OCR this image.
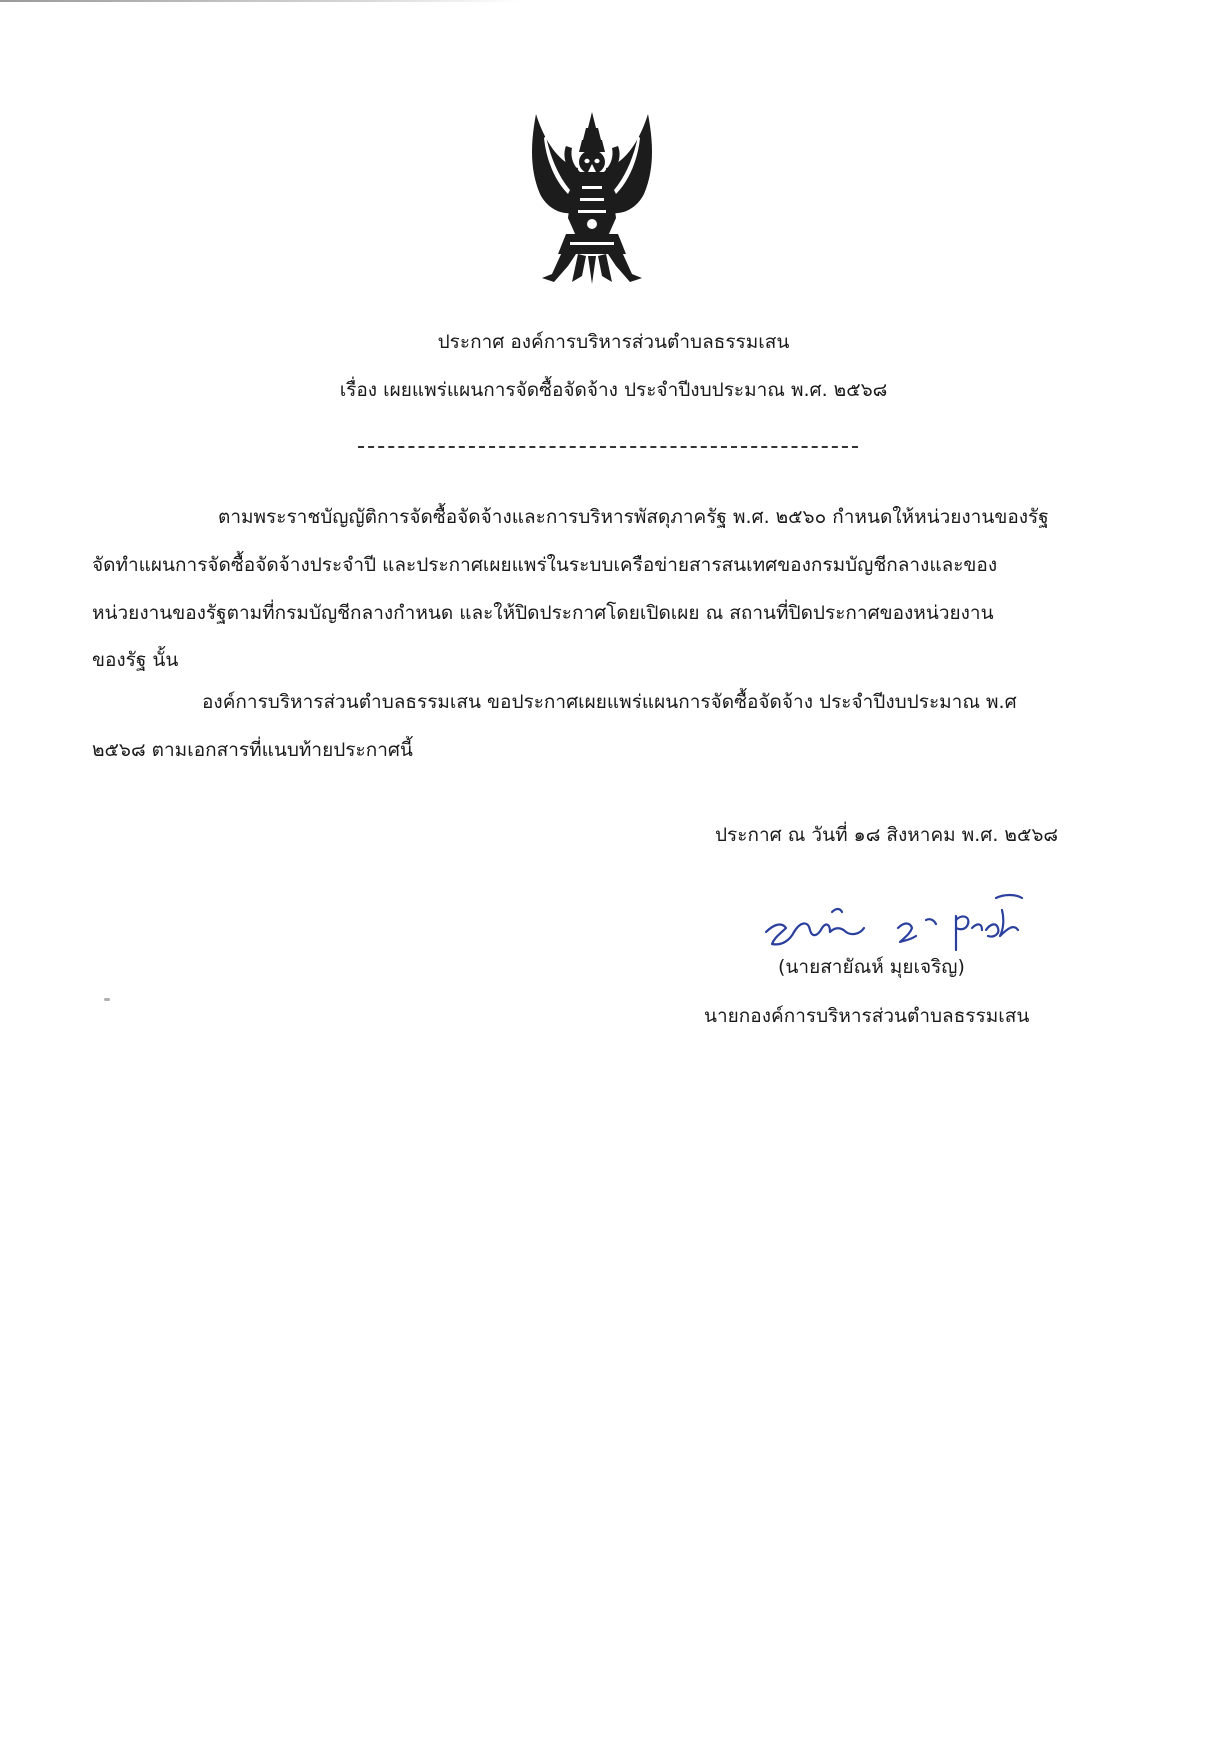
ประกาศ องค์การบริหารส่วนตำบลธรรมเสน
เรื่อง เผยแพร่แผนการจัดซื้อจัดจ้าง ประจำปีงบประมาณ พ.ศ. ๒๕๖๘
ตามพระราชบัญญัติการจัดซื้อจัดจ้างและการบริหารพัสดุภาครัฐ พ.ศ. ๒๕๖๐ กำหนดให้หน่วยงานของรัฐ
จัดทำแผนการจัดซื้อจัดจ้างประจำปี และประกาศเผยแพร่ในระบบเครือข่ายสารสนเทศของกรมบัญชีกลางและของ
หน่วยงานของรัฐตามที่กรมบัญชีกลางกำหนด และให้ปิดประกาศโดยเปิดเผย ณ สถานที่ปิดประกาศของหน่วยงาน
ของรัฐ นั้น
องค์การบริหารส่วนตำบลธรรมเสน ขอประกาศเผยแพร่แผนการจัดซื้อจัดจ้าง ประจำปีงบประมาณ พ.ศ
๒๕๖๘ ตามเอกสารที่แนบท้ายประกาศนี้
ประกาศ ณ วันที่ ๑๘ สิงหาคม พ.ศ. ๒๕๖๘
(นายสายัณห์ มุยเจริญ)
นายกองค์การบริหารส่วนตำบลธรรมเสน
